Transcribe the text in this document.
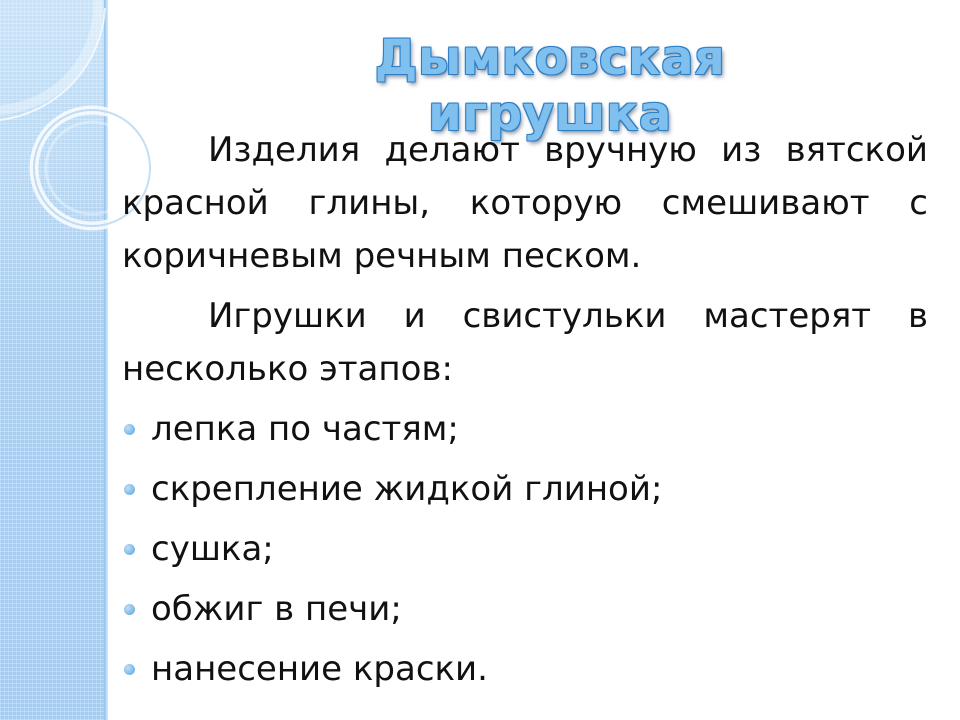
Дымковская игрушка

Изделия делают вручную из вятской красной глины, которую смешивают с коричневым речным песком.

Игрушки и свистульки мастерят в несколько этапов:

лепка по частям;
скрепление жидкой глиной;
сушка;
обжиг в печи;
нанесение краски.
